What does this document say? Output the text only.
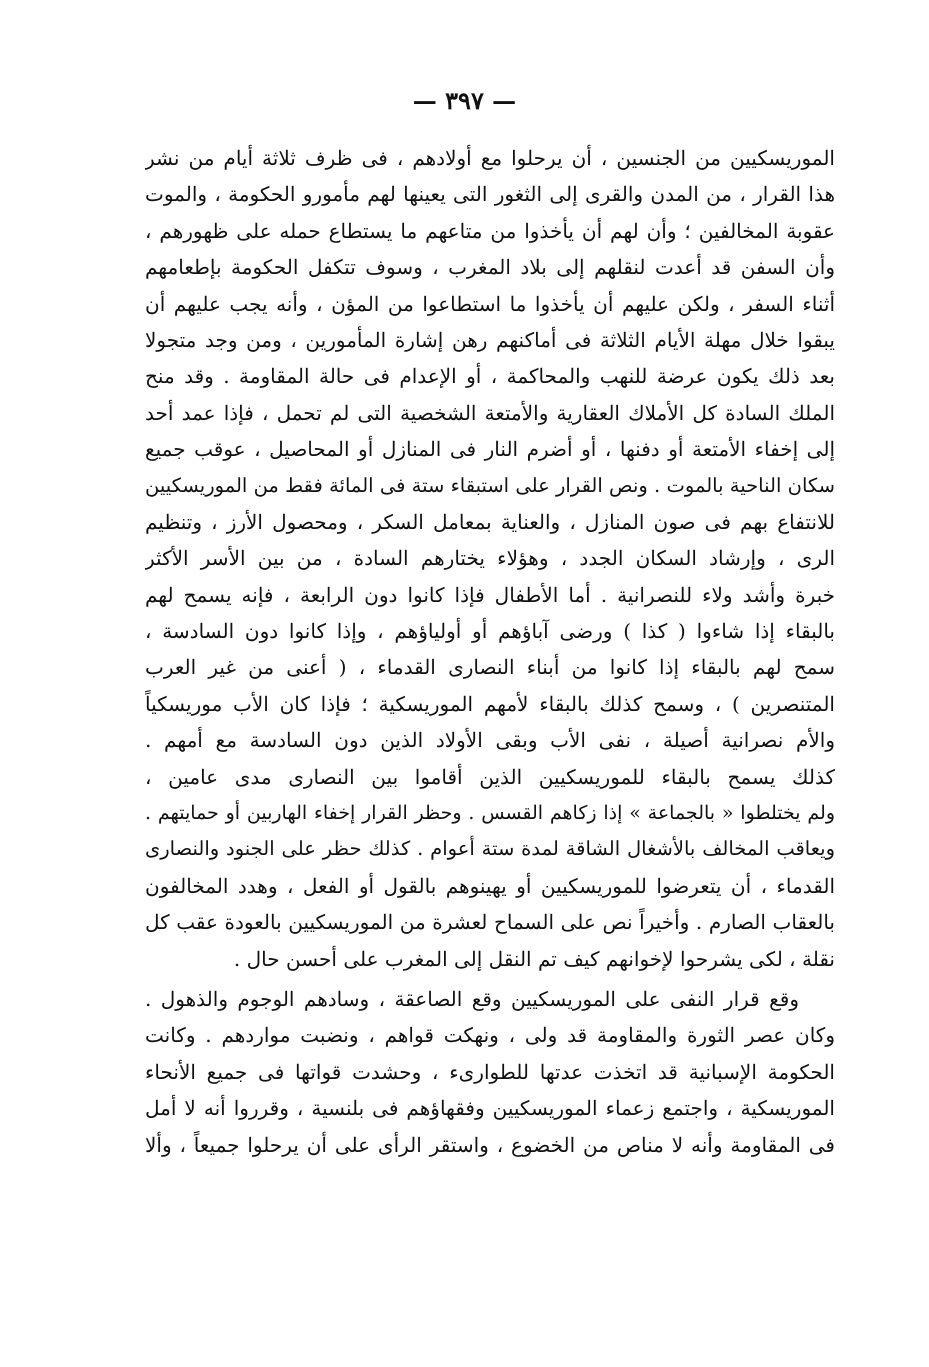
— ٣٩٧ —
الموريسكيين من الجنسين ، أن يرحلوا مع أولادهم ، فى ظرف ثلاثة أيام من نشر
هذا القرار ، من المدن والقرى إلى الثغور التى يعينها لهم مأمورو الحكومة ، والموت
عقوبة المخالفين ؛ وأن لهم أن يأخذوا من متاعهم ما يستطاع حمله على ظهورهم ،
وأن السفن قد أعدت لنقلهم إلى بلاد المغرب ، وسوف تتكفل الحكومة بإطعامهم
أثناء السفر ، ولكن عليهم أن يأخذوا ما استطاعوا من المؤن ، وأنه يجب عليهم أن
يبقوا خلال مهلة الأيام الثلاثة فى أماكنهم رهن إشارة المأمورين ، ومن وجد متجولا
بعد ذلك يكون عرضة للنهب والمحاكمة ، أو الإعدام فى حالة المقاومة . وقد منح
الملك السادة كل الأملاك العقارية والأمتعة الشخصية التى لم تحمل ، فإذا عمد أحد
إلى إخفاء الأمتعة أو دفنها ، أو أضرم النار فى المنازل أو المحاصيل ، عوقب جميع
سكان الناحية بالموت . ونص القرار على استبقاء ستة فى المائة فقط من الموريسكيين
للانتفاع بهم فى صون المنازل ، والعناية بمعامل السكر ، ومحصول الأرز ، وتنظيم
الرى ، وإرشاد السكان الجدد ، وهؤلاء يختارهم السادة ، من بين الأسر الأكثر
خبرة وأشد ولاء للنصرانية . أما الأطفال فإذا كانوا دون الرابعة ، فإنه يسمح لهم
بالبقاء إذا شاءوا ( كذا ) ورضى آباؤهم أو أولياؤهم ، وإذا كانوا دون السادسة ،
سمح لهم بالبقاء إذا كانوا من أبناء النصارى القدماء ، ( أعنى من غير العرب
المتنصرين ) ، وسمح كذلك بالبقاء لأمهم الموريسكية ؛ فإذا كان الأب موريسكياً
والأم نصرانية أصيلة ، نفى الأب وبقى الأولاد الذين دون السادسة مع أمهم .
كذلك يسمح بالبقاء للموريسكيين الذين أقاموا بين النصارى مدى عامين ،
ولم يختلطوا « بالجماعة » إذا زكاهم القسس . وحظر القرار إخفاء الهاربين أو حمايتهم .
ويعاقب المخالف بالأشغال الشاقة لمدة ستة أعوام . كذلك حظر على الجنود والنصارى
القدماء ، أن يتعرضوا للموريسكيين أو يهينوهم بالقول أو الفعل ، وهدد المخالفون
بالعقاب الصارم . وأخيراً نص على السماح لعشرة من الموريسكيين بالعودة عقب كل
نقلة ، لكى يشرحوا لإخوانهم كيف تم النقل إلى المغرب على أحسن حال .
وقع قرار النفى على الموريسكيين وقع الصاعقة ، وسادهم الوجوم والذهول .
وكان عصر الثورة والمقاومة قد ولى ، ونهكت قواهم ، ونضبت مواردهم . وكانت
الحكومة الإسبانية قد اتخذت عدتها للطوارىء ، وحشدت قواتها فى جميع الأنحاء
الموريسكية ، واجتمع زعماء الموريسكيين وفقهاؤهم فى بلنسية ، وقرروا أنه لا أمل
فى المقاومة وأنه لا مناص من الخضوع ، واستقر الرأى على أن يرحلوا جميعاً ، وألا
